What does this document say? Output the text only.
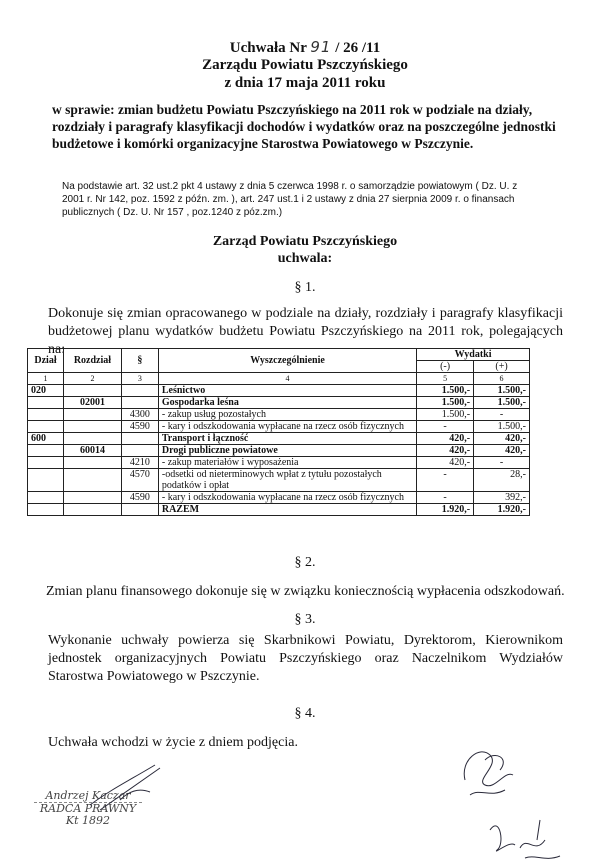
Uchwała Nr 91 / 26 /11
Zarządu Powiatu Pszczyńskiego
z dnia 17 maja 2011 roku
w sprawie: zmian budżetu Powiatu Pszczyńskiego na 2011 rok w podziale na działy, rozdziały i paragrafy klasyfikacji dochodów i wydatków oraz na poszczególne jednostki budżetowe i komórki organizacyjne Starostwa Powiatowego w Pszczynie.
Na podstawie art. 32 ust.2 pkt 4 ustawy z dnia 5 czerwca 1998 r. o samorządzie powiatowym ( Dz. U. z 2001 r. Nr 142, poz. 1592 z późn. zm. ), art. 247 ust.1 i 2 ustawy z dnia 27 sierpnia 2009 r. o finansach publicznych ( Dz. U. Nr 157 , poz.1240 z póz.zm.)
Zarząd Powiatu Pszczyńskiego
uchwala:
§ 1.
Dokonuje się zmian opracowanego w podziale na działy, rozdziały i paragrafy klasyfikacji budżetowej planu wydatków budżetu Powiatu Pszczyńskiego na 2011 rok, polegających na:
Dział	Rozdział	§	Wyszczególnienie	Wydatki	
				(-)	(+)
1	2	3	4	5	6
020			Leśnictwo	1.500,-	1.500,-
	02001		Gospodarka leśna	1.500,-	1.500,-
		4300	- zakup usług pozostałych	1.500,-	-
		4590	- kary i odszkodowania wypłacane na rzecz osób fizycznych	-	1.500,-
600			Transport i łączność	420,-	420,-
	60014		Drogi publiczne powiatowe	420,-	420,-
		4210	- zakup materiałów i wyposażenia	420,-	-
		4570	-odsetki od nieterminowych wpłat z tytułu pozostałych podatków i opłat	-	28,-
		4590	- kary i odszkodowania wypłacane na rzecz osób fizycznych	-	392,-
			RAZEM	1.920,-	1.920,-
§ 2.
Zmian planu finansowego dokonuje się w związku koniecznością wypłacenia odszkodowań.
§ 3.
Wykonanie uchwały powierza się Skarbnikowi Powiatu, Dyrektorom, Kierownikom jednostek organizacyjnych Powiatu Pszczyńskiego oraz Naczelnikom Wydziałów Starostwa Powiatowego w Pszczynie.
§ 4.
Uchwała wchodzi w życie z dniem podjęcia.
Andrzej Kaczar
RADCA PRAWNY
Kt 1892
